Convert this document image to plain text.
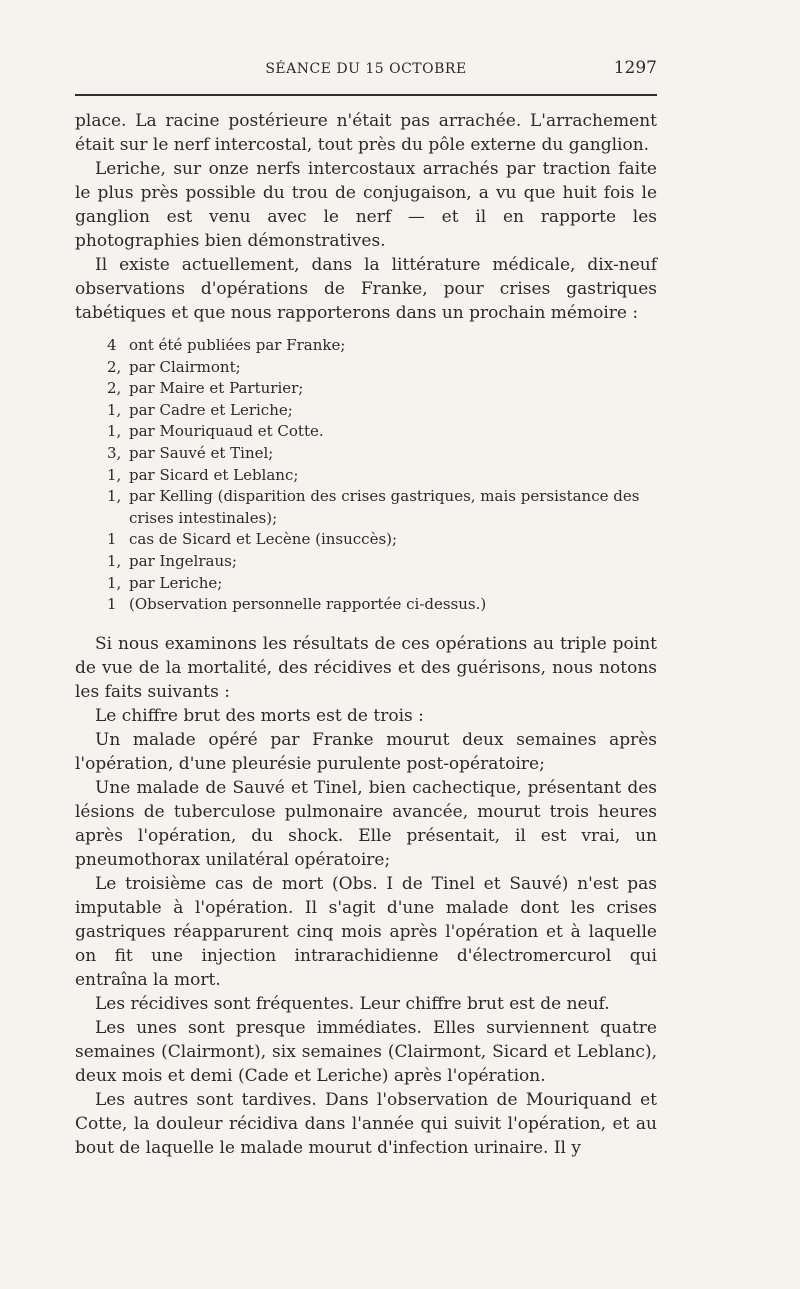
SÉANCE DU 15 OCTOBRE	1297

place. La racine postérieure n'était pas arrachée. L'arrachement était sur le nerf intercostal, tout près du pôle externe du ganglion.

Leriche, sur onze nerfs intercostaux arrachés par traction faite le plus près possible du trou de conjugaison, a vu que huit fois le ganglion est venu avec le nerf — et il en rapporte les photographies bien démonstratives.

Il existe actuellement, dans la littérature médicale, dix-neuf observations d'opérations de Franke, pour crises gastriques tabétiques et que nous rapporterons dans un prochain mémoire :

4 ont été publiées par Franke;
2, par Clairmont;
2, par Maire et Parturier;
1, par Cadre et Leriche;
1, par Mouriquaud et Cotte.
3, par Sauvé et Tinel;
1, par Sicard et Leblanc;
1, par Kelling (disparition des crises gastriques, mais persistance des crises intestinales);
1 cas de Sicard et Lecène (insuccès);
1, par Ingelraus;
1, par Leriche;
1 (Observation personnelle rapportée ci-dessus.)

Si nous examinons les résultats de ces opérations au triple point de vue de la mortalité, des récidives et des guérisons, nous notons les faits suivants :

Le chiffre brut des morts est de trois :

Un malade opéré par Franke mourut deux semaines après l'opération, d'une pleurésie purulente post-opératoire;

Une malade de Sauvé et Tinel, bien cachectique, présentant des lésions de tuberculose pulmonaire avancée, mourut trois heures après l'opération, du shock. Elle présentait, il est vrai, un pneumothorax unilatéral opératoire;

Le troisième cas de mort (Obs. I de Tinel et Sauvé) n'est pas imputable à l'opération. Il s'agit d'une malade dont les crises gastriques réapparurent cinq mois après l'opération et à laquelle on fit une injection intrarachidienne d'électromercurol qui entraîna la mort.

Les récidives sont fréquentes. Leur chiffre brut est de neuf.

Les unes sont presque immédiates. Elles surviennent quatre semaines (Clairmont), six semaines (Clairmont, Sicard et Leblanc), deux mois et demi (Cade et Leriche) après l'opération.

Les autres sont tardives. Dans l'observation de Mouriquand et Cotte, la douleur récidiva dans l'année qui suivit l'opération, et au bout de laquelle le malade mourut d'infection urinaire. Il y
